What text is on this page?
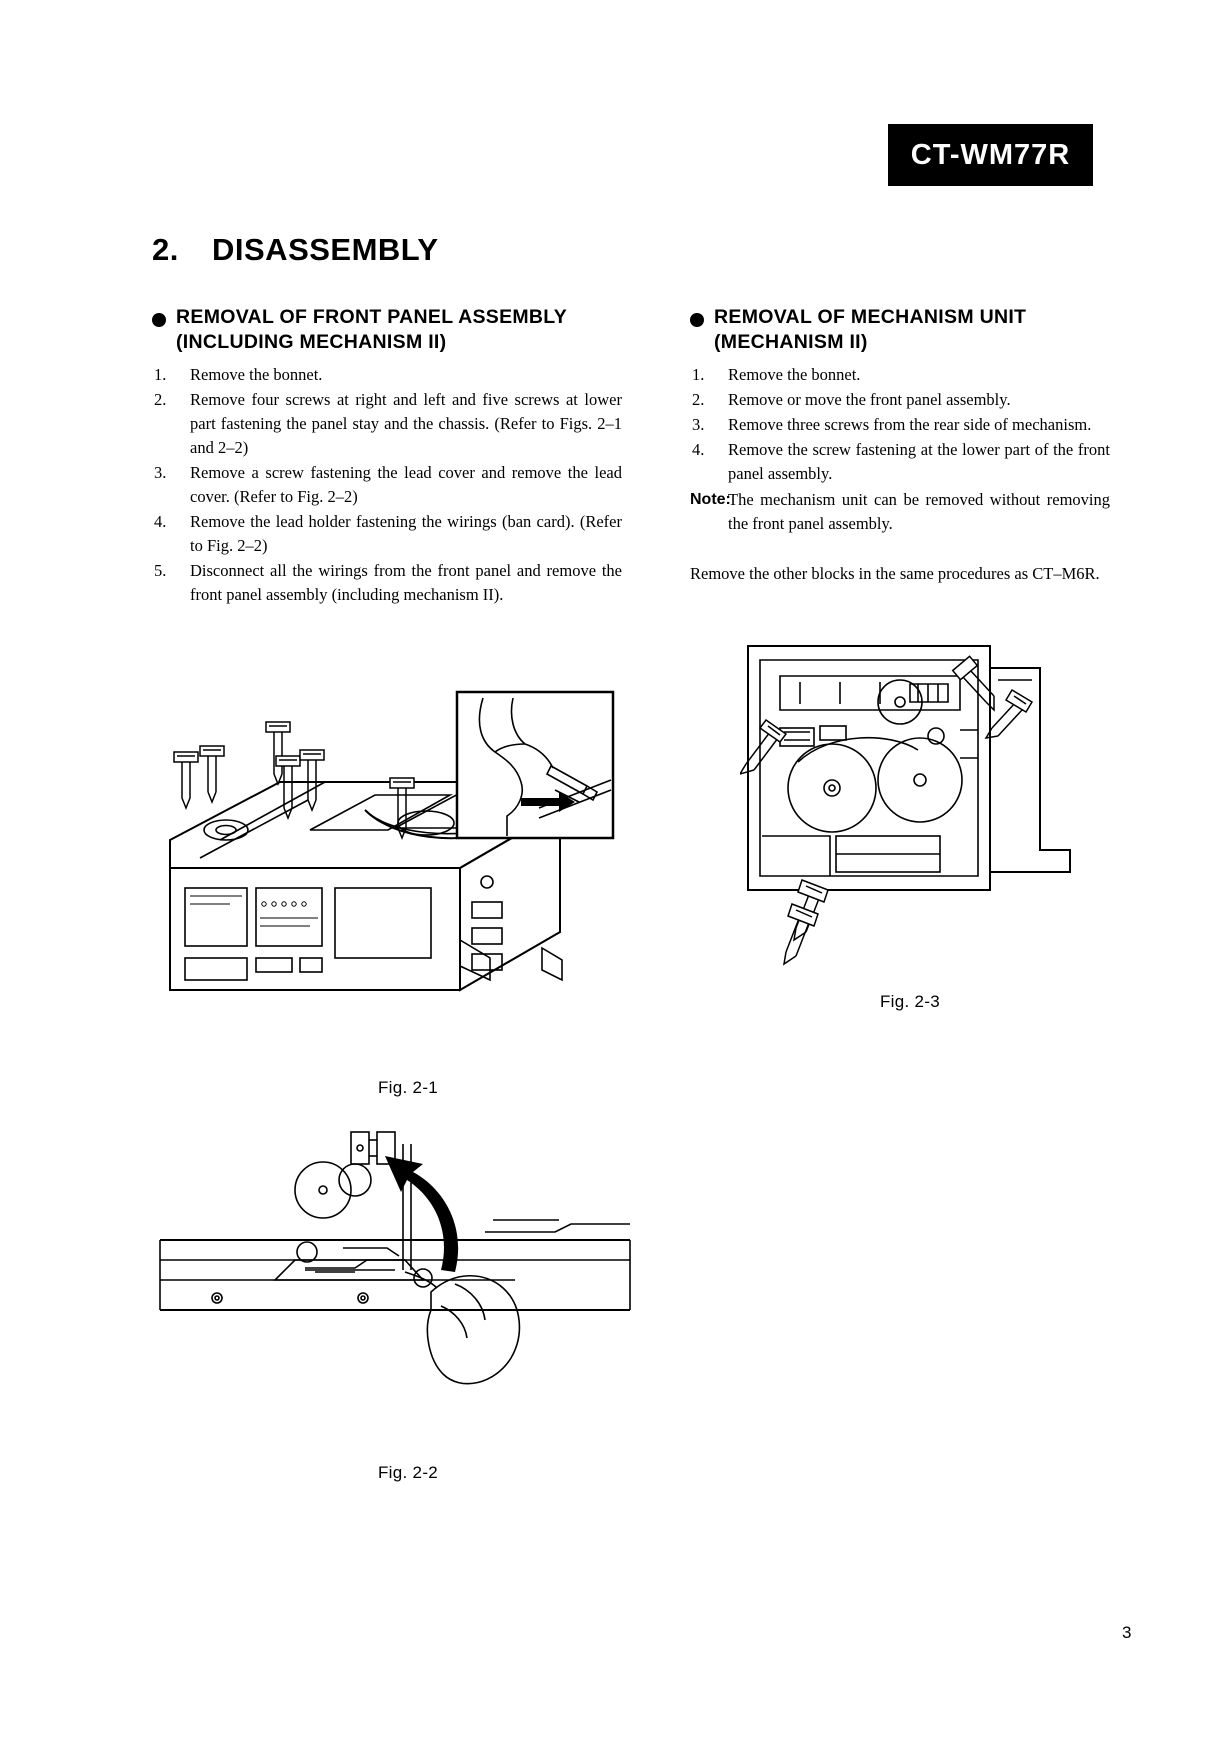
CT-WM77R
2. DISASSEMBLY
REMOVAL OF FRONT PANEL ASSEMBLY
(INCLUDING MECHANISM II)
1. Remove the bonnet.
2. Remove four screws at right and left and five screws at lower part fastening the panel stay and the chassis. (Refer to Figs. 2–1 and 2–2)
3. Remove a screw fastening the lead cover and remove the lead cover. (Refer to Fig. 2–2)
4. Remove the lead holder fastening the wirings (ban card). (Refer to Fig. 2–2)
5. Disconnect all the wirings from the front panel and remove the front panel assembly (including mechanism II).
REMOVAL OF MECHANISM UNIT
(MECHANISM II)
1. Remove the bonnet.
2. Remove or move the front panel assembly.
3. Remove three screws from the rear side of mechanism.
4. Remove the screw fastening at the lower part of the front panel assembly.
Note:
The mechanism unit can be removed without removing the front panel assembly.
Remove the other blocks in the same procedures as CT–M6R.
Fig. 2-1
Fig. 2-2
Fig. 2-3
3
